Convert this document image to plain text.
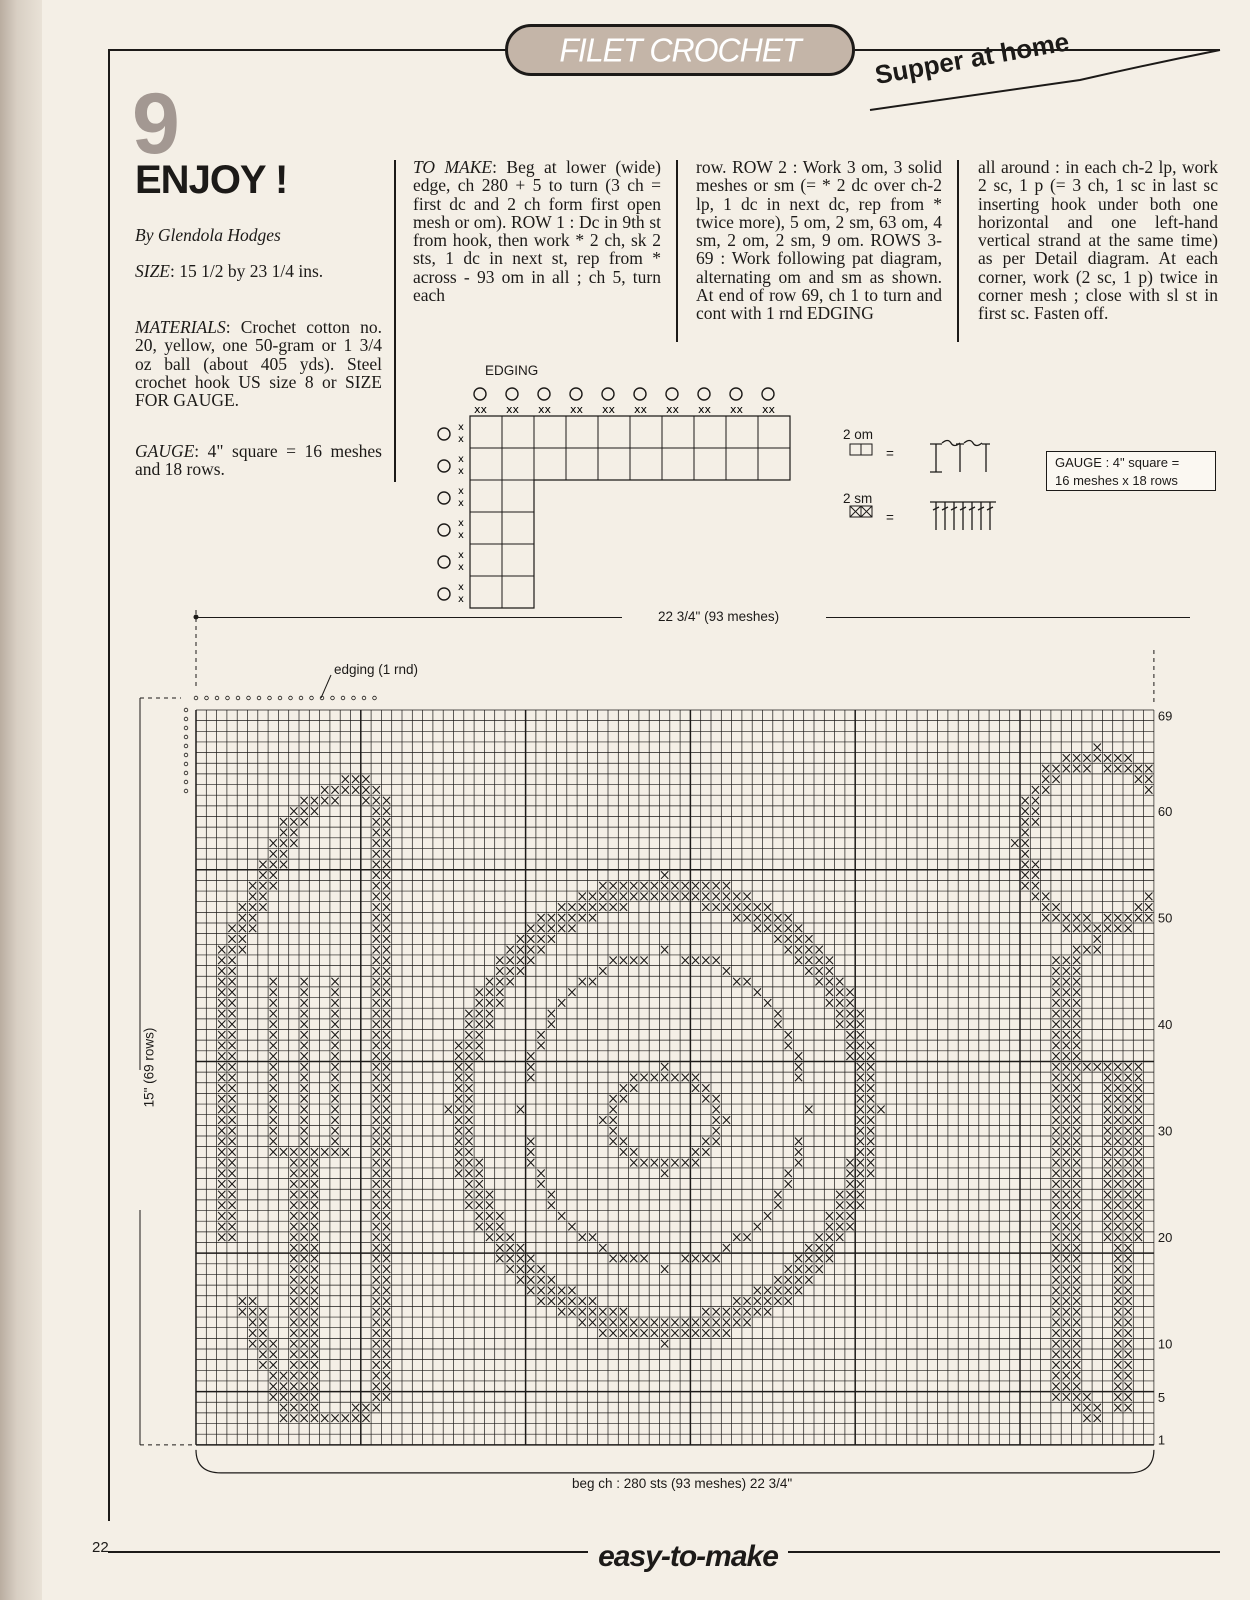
FILET CROCHET	Supper at home
9
ENJOY !
By Glendola Hodges
SIZE: 15 1/2 by 23 1/4 ins.
MATERIALS: Crochet cotton no. 20, yellow, one 50-gram or 1 3/4 oz ball (about 405 yds). Steel crochet hook US size 8 or SIZE FOR GAUGE.
GAUGE: 4" square = 16 meshes and 18 rows.
TO MAKE: Beg at lower (wide) edge, ch 280 + 5 to turn (3 ch = first dc and 2 ch form first open mesh or om). ROW 1 : Dc in 9th st from hook, then work * 2 ch, sk 2 sts, 1 dc in next st, rep from * across - 93 om in all ; ch 5, turn each
row. ROW 2 : Work 3 om, 3 solid meshes or sm (= * 2 dc over ch-2 lp, 1 dc in next dc, rep from * twice more), 5 om, 2 sm, 63 om, 4 sm, 2 om, 2 sm, 9 om. ROWS 3-69 : Work following pat diagram, alternating om and sm as shown. At end of row 69, ch 1 to turn and cont with 1 rnd EDGING
all around : in each ch-2 lp, work 2 sc, 1 p (= 3 ch, 1 sc in last sc inserting hook under both one horizontal and one left-hand vertical strand at the same time) as per Detail diagram. At each corner, work (2 sc, 1 p) twice in corner mesh ; close with sl st in first sc. Fasten off.
EDGING
xx xx xx xx xx xx xx xx xx xx
x
x
x
x
x
x
x
x
x
x
x
x
2 om
2 sm
=
=
GAUGE : 4" square =
16 meshes x 18 rows
22 3/4" (93 meshes)
edging (1 rnd)
15" (69 rows)
beg ch : 280 sts (93 meshes) 22 3/4"
69
60
50
40
30
20
10
5
1
22	easy-to-make
